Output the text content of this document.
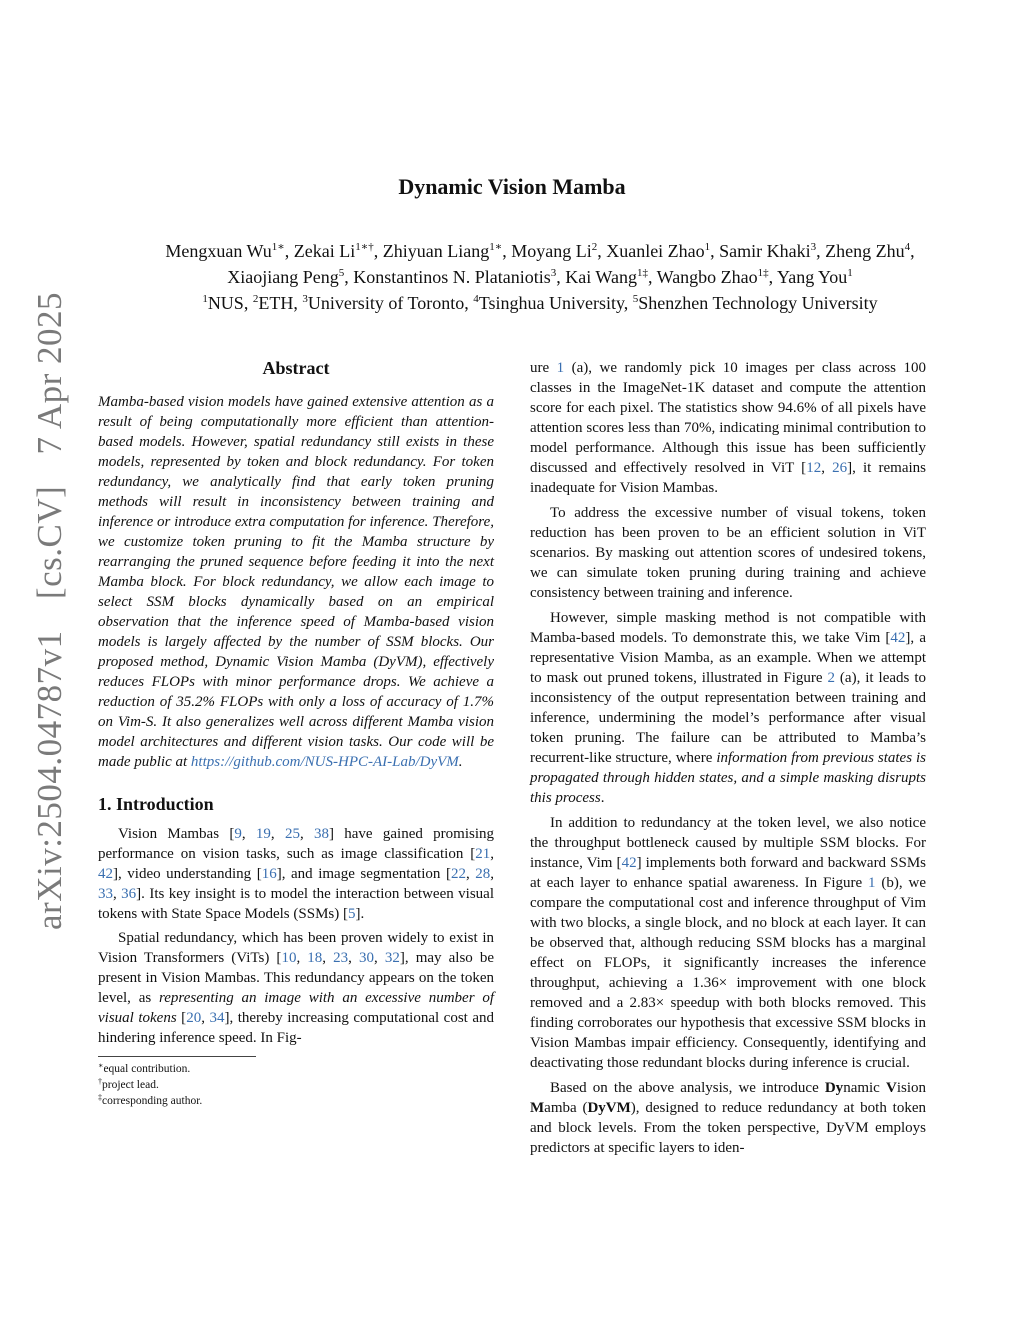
arXiv:2504.04787v1 [cs.CV] 7 Apr 2025
Dynamic Vision Mamba
Mengxuan $Wu^{1∗}$, Zekai $Li^{1∗\dagger}$, Zhiyuan Liang$^{1∗}$, Moyang Li$^2$, Xuanlei Zhao$^1$, Samir Khaki$^3$, Zheng Zhu$^4$,
Xiaojiang Peng$^5$, Konstantinos N. Plataniotis$^3$, Kai Wang$^{1\ddagger}$, Wangbo Zhao$^{1\ddagger}$, Yang You$^1$
$^1$NUS, $^2$ETH, $^3$University of Toronto, $^4$Tsinghua University, $^5$Shenzhen Technology University
Abstract

Mamba-based vision models have gained extensive attention as a result of being computationally more efficient than attention-based models. However, spatial redundancy still exists in these models, represented by token and block redundancy. For token redundancy, we analytically find that early token pruning methods will result in inconsistency between training and inference or introduce extra computation for inference. Therefore, we customize token pruning to fit the Mamba structure by rearranging the pruned sequence before feeding it into the next Mamba block. For block redundancy, we allow each image to select SSM blocks dynamically based on an empirical observation that the inference speed of Mamba-based vision models is largely affected by the number of SSM blocks. Our proposed method, Dynamic Vision Mamba (DyVM), effectively reduces FLOPs with minor performance drops. We achieve a reduction of 35.2% FLOPs with only a loss of accuracy of 1.7% on Vim-S. It also generalizes well across different Mamba vision model architectures and different vision tasks. Our code will be made public at https://github.com/NUS-HPC-AI-Lab/DyVM.

1. Introduction

Vision Mambas [9, 19, 25, 38] have gained promising performance on vision tasks, such as image classification [21, 42], video understanding [16], and image segmentation [22, 28, 33, 36]. Its key insight is to model the interaction between visual tokens with State Space Models (SSMs) [5].

Spatial redundancy, which has been proven widely to exist in Vision Transformers (ViTs) [10, 18, 23, 30, 32], may also be present in Vision Mambas. This redundancy appears on the token level, as representing an image with an excessive number of visual tokens [20, 34], thereby increasing computational cost and hindering inference speed. In Fig-

∗equal contribution.
†project lead.
‡corresponding author.

ure 1 (a), we randomly pick 10 images per class across 100 classes in the ImageNet-1K dataset and compute the attention score for each pixel. The statistics show 94.6% of all pixels have attention scores less than 70%, indicating minimal contribution to model performance. Although this issue has been sufficiently discussed and effectively resolved in ViT [12, 26], it remains inadequate for Vision Mambas.

To address the excessive number of visual tokens, token reduction has been proven to be an efficient solution in ViT scenarios. By masking out attention scores of undesired tokens, we can simulate token pruning during training and achieve consistency between training and inference.

However, simple masking method is not compatible with Mamba-based models. To demonstrate this, we take Vim [42], a representative Vision Mamba, as an example. When we attempt to mask out pruned tokens, illustrated in Figure 2 (a), it leads to inconsistency of the output representation between training and inference, undermining the model’s performance after visual token pruning. The failure can be attributed to Mamba’s recurrent-like structure, where information from previous states is propagated through hidden states, and a simple masking disrupts this process.

In addition to redundancy at the token level, we also notice the throughput bottleneck caused by multiple SSM blocks. For instance, Vim [42] implements both forward and backward SSMs at each layer to enhance spatial awareness. In Figure 1 (b), we compare the computational cost and inference throughput of Vim with two blocks, a single block, and no block at each layer. It can be observed that, although reducing SSM blocks has a marginal effect on FLOPs, it significantly increases the inference throughput, achieving a 1.36× improvement with one block removed and a 2.83× speedup with both blocks removed. This finding corroborates our hypothesis that excessive SSM blocks in Vision Mambas impair efficiency. Consequently, identifying and deactivating those redundant blocks during inference is crucial.

Based on the above analysis, we introduce Dynamic Vision Mamba (DyVM), designed to reduce redundancy at both token and block levels. From the token perspective, DyVM employs predictors at specific layers to iden-
